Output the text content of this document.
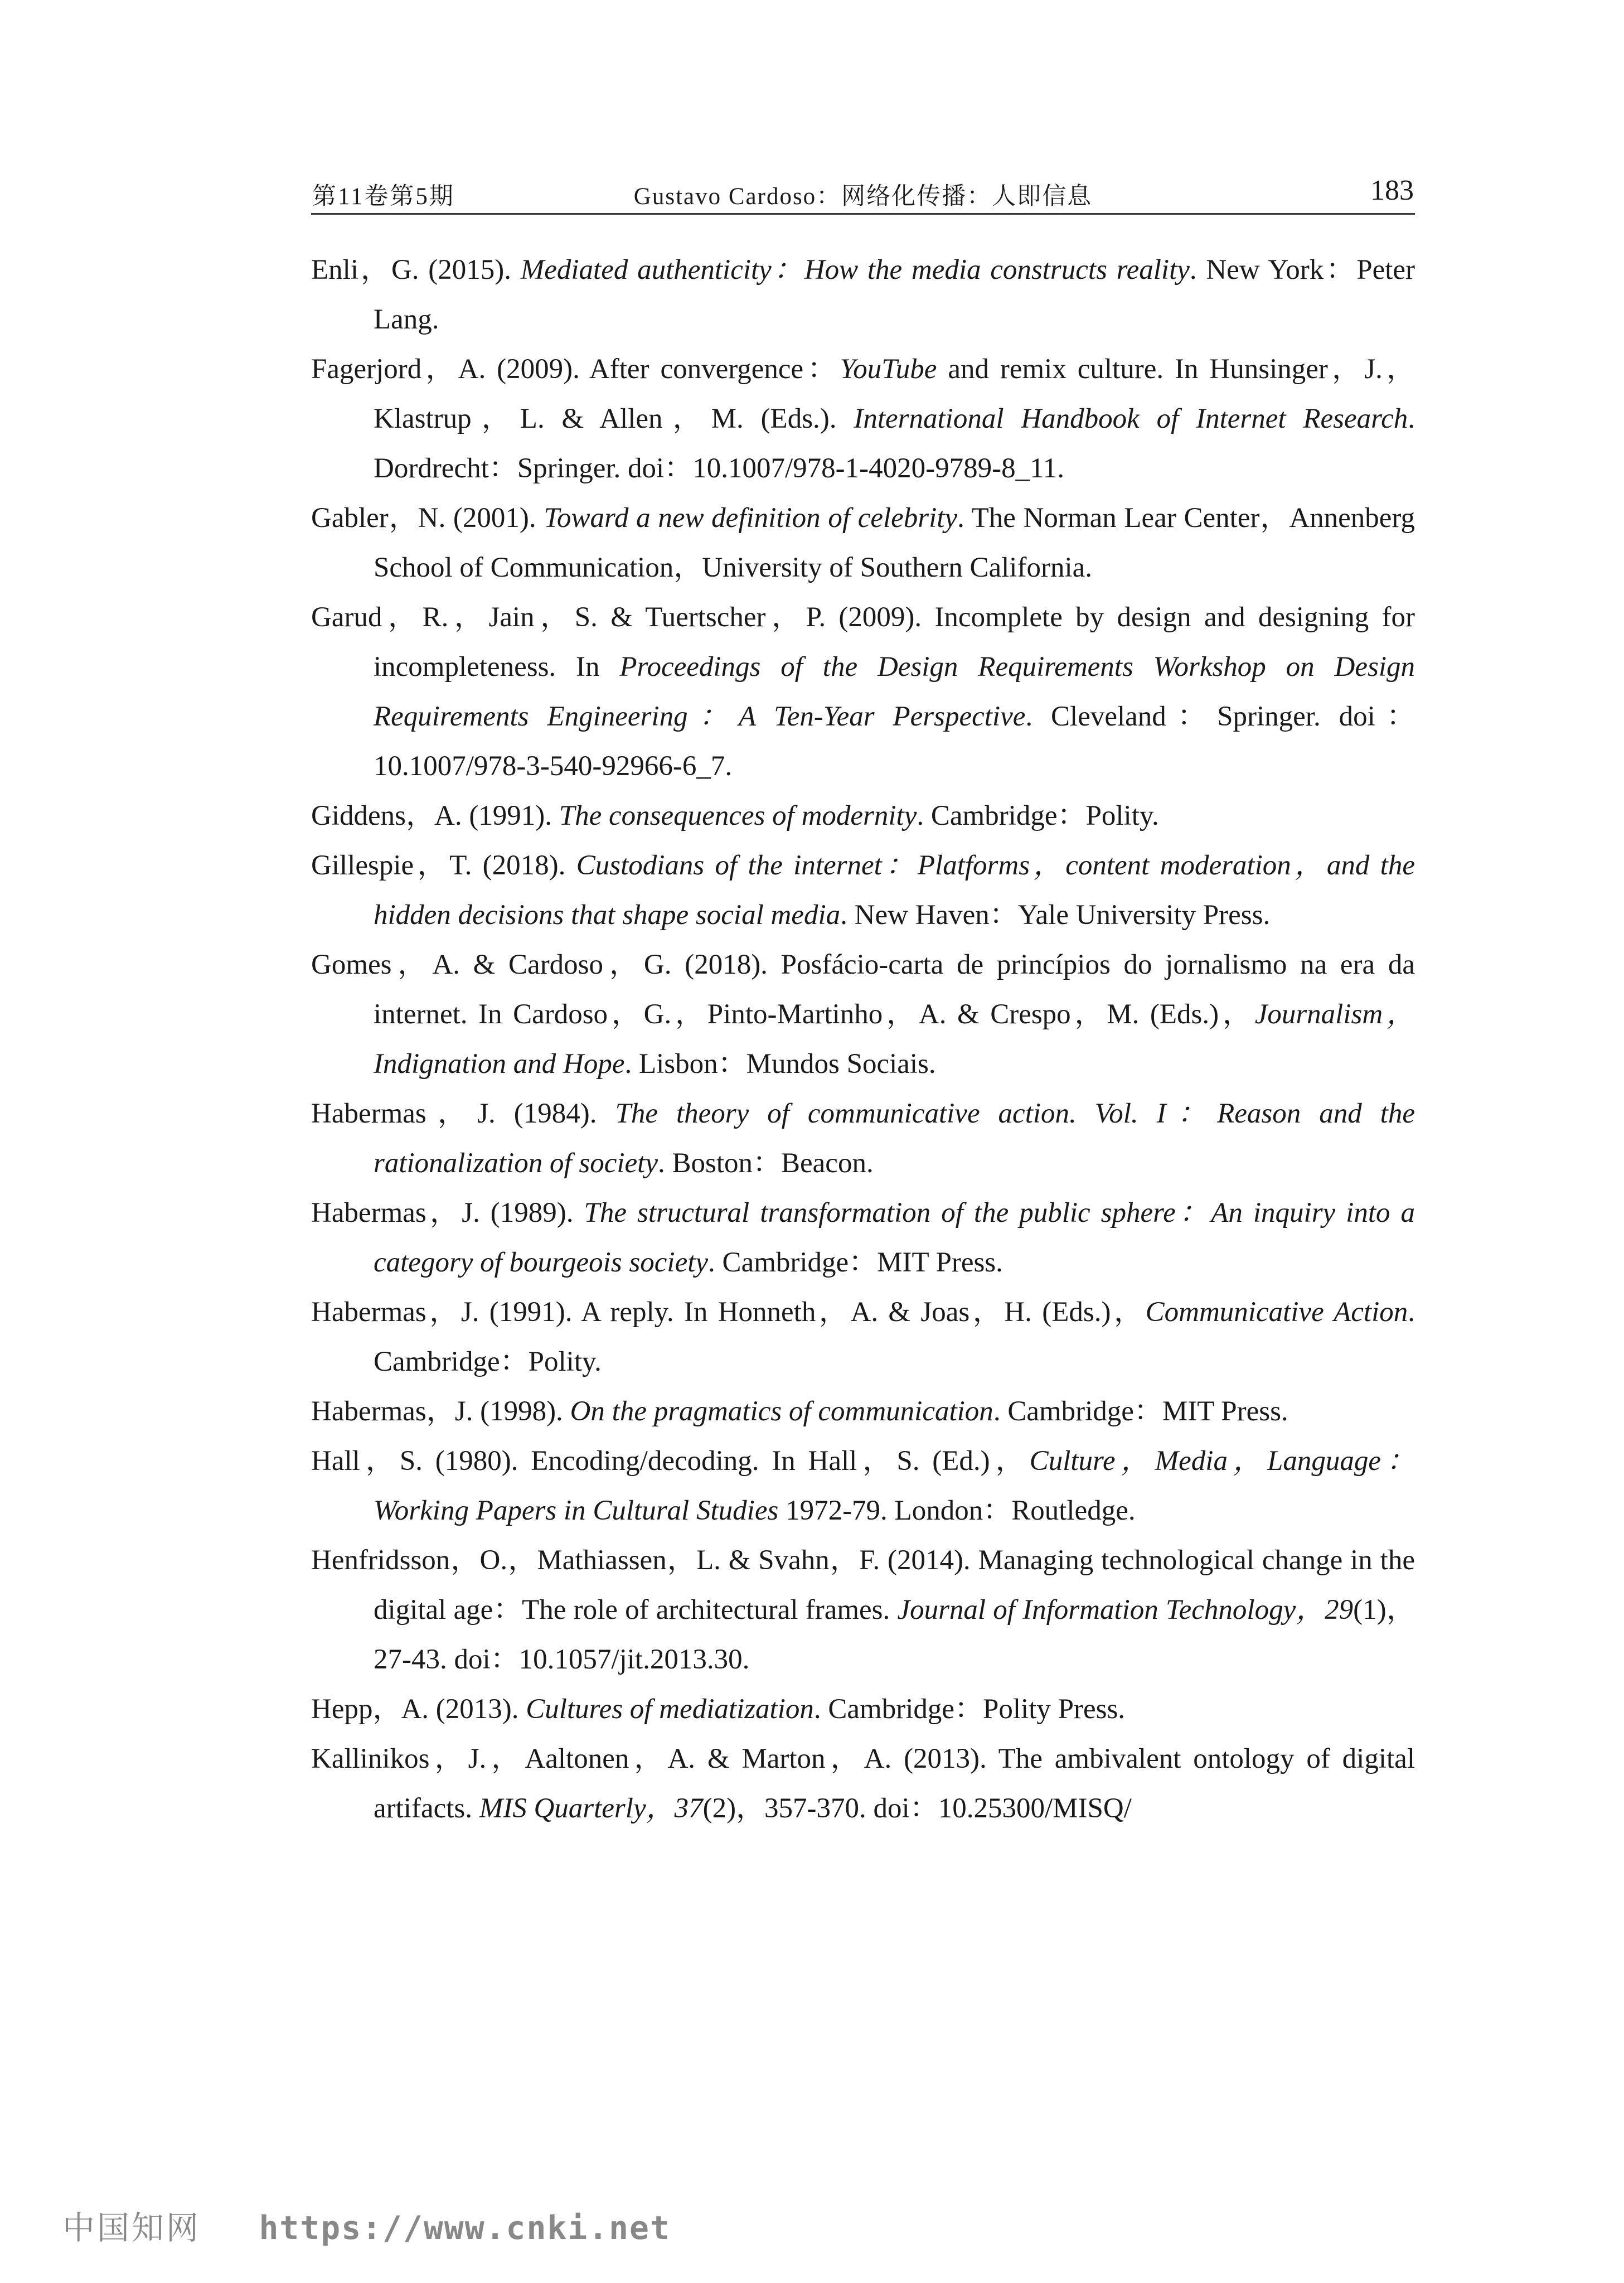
第11卷第5期	Gustavo Cardoso：网络化传播：人即信息	183

Enli，G. (2015). Mediated authenticity：How the media constructs reality. New York：Peter Lang.

Fagerjord，A. (2009). After convergence：YouTube and remix culture. In Hunsinger，J.，Klastrup，L. & Allen，M. (Eds.). International Handbook of Internet Research. Dordrecht：Springer. doi：10.1007/978-1-4020-9789-8_11.

Gabler，N. (2001). Toward a new definition of celebrity. The Norman Lear Center，Annenberg School of Communication，University of Southern California.

Garud，R.，Jain，S. & Tuertscher，P. (2009). Incomplete by design and designing for incompleteness. In Proceedings of the Design Requirements Workshop on Design Requirements Engineering：A Ten-Year Perspective. Cleveland：Springer. doi：10.1007/978-3-540-92966-6_7.

Giddens，A. (1991). The consequences of modernity. Cambridge：Polity.

Gillespie，T. (2018). Custodians of the internet：Platforms，content moderation，and the hidden decisions that shape social media. New Haven：Yale University Press.

Gomes，A. & Cardoso，G. (2018). Posfácio-carta de princípios do jornalismo na era da internet. In Cardoso，G.，Pinto-Martinho，A. & Crespo，M. (Eds.)，Journalism，Indignation and Hope. Lisbon：Mundos Sociais.

Habermas，J. (1984). The theory of communicative action. Vol. I：Reason and the rationalization of society. Boston：Beacon.

Habermas，J. (1989). The structural transformation of the public sphere：An inquiry into a category of bourgeois society. Cambridge：MIT Press.

Habermas，J. (1991). A reply. In Honneth，A. & Joas，H. (Eds.)，Communicative Action. Cambridge：Polity.

Habermas，J. (1998). On the pragmatics of communication. Cambridge：MIT Press.

Hall，S. (1980). Encoding/decoding. In Hall，S. (Ed.)，Culture，Media，Language：Working Papers in Cultural Studies 1972-79. London：Routledge.

Henfridsson，O.，Mathiassen，L. & Svahn，F. (2014). Managing technological change in the digital age：The role of architectural frames. Journal of Information Technology，29(1)，27-43. doi：10.1057/jit.2013.30.

Hepp，A. (2013). Cultures of mediatization. Cambridge：Polity Press.

Kallinikos，J.，Aaltonen，A. & Marton，A. (2013). The ambivalent ontology of digital artifacts. MIS Quarterly，37(2)，357-370. doi：10.25300/MISQ/

中国知网 https://www.cnki.net
